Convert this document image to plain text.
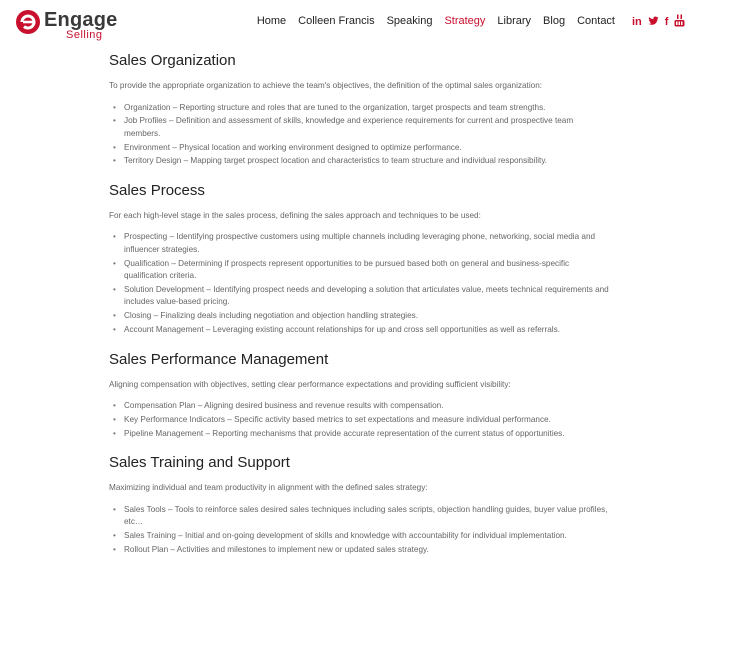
Engage
Selling
Home Colleen Francis Speaking Strategy Library Blog Contact in f
Sales Organization

To provide the appropriate organization to achieve the team's objectives, the definition of the optimal sales organization:

• Organization – Reporting structure and roles that are tuned to the organization, target prospects and team strengths.
• Job Profiles – Definition and assessment of skills, knowledge and experience requirements for current and prospective team members.
• Environment – Physical location and working environment designed to optimize performance.
• Territory Design – Mapping target prospect location and characteristics to team structure and individual responsibility.
Sales Process

For each high-level stage in the sales process, defining the sales approach and techniques to be used:

• Prospecting – Identifying prospective customers using multiple channels including leveraging phone, networking, social media and influencer strategies.
• Qualification – Determining if prospects represent opportunities to be pursued based both on general and business-specific qualification criteria.
• Solution Development – Identifying prospect needs and developing a solution that articulates value, meets technical requirements and includes value-based pricing.
• Closing – Finalizing deals including negotiation and objection handling strategies.
• Account Management – Leveraging existing account relationships for up and cross sell opportunities as well as referrals.
Sales Performance Management

Aligning compensation with objectives, setting clear performance expectations and providing sufficient visibility:

• Compensation Plan – Aligning desired business and revenue results with compensation.
• Key Performance Indicators – Specific activity based metrics to set expectations and measure individual performance.
• Pipeline Management – Reporting mechanisms that provide accurate representation of the current status of opportunities.
Sales Training and Support

Maximizing individual and team productivity in alignment with the defined sales strategy:

• Sales Tools – Tools to reinforce sales desired sales techniques including sales scripts, objection handling guides, buyer value profiles, etc…
• Sales Training – Initial and on-going development of skills and knowledge with accountability for individual implementation.
• Rollout Plan – Activities and milestones to implement new or updated sales strategy.
